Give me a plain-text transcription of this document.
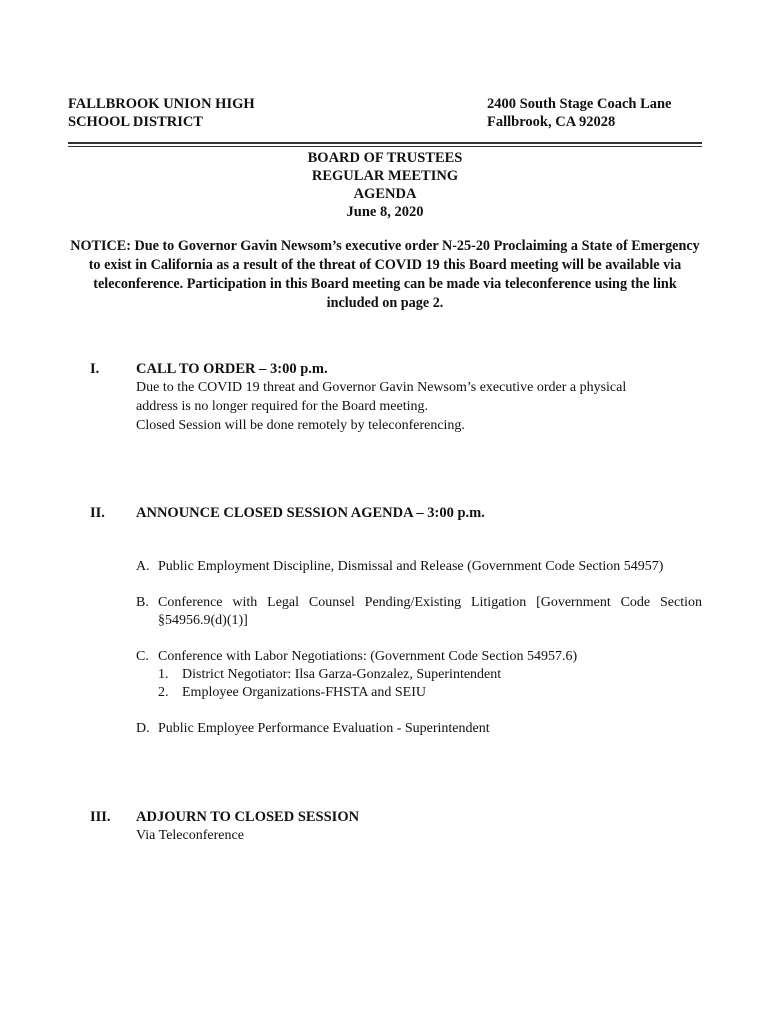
FALLBROOK UNION HIGH
SCHOOL DISTRICT
2400 South Stage Coach Lane
Fallbrook, CA 92028
BOARD OF TRUSTEES
REGULAR MEETING
AGENDA
June 8, 2020
NOTICE: Due to Governor Gavin Newsom’s executive order N-25-20 Proclaiming a State of Emergency to exist in California as a result of the threat of COVID 19 this Board meeting will be available via teleconference. Participation in this Board meeting can be made via teleconference using the link included on page 2.
I.	CALL TO ORDER – 3:00 p.m.
Due to the COVID 19 threat and Governor Gavin Newsom’s executive order a physical
address is no longer required for the Board meeting.
Closed Session will be done remotely by teleconferencing.
II. ANNOUNCE CLOSED SESSION AGENDA – 3:00 p.m.
A. Public Employment Discipline, Dismissal and Release (Government Code Section 54957)
B. Conference with Legal Counsel Pending/Existing Litigation [Government Code Section §54956.9(d)(1)]
C. Conference with Labor Negotiations: (Government Code Section 54957.6)
1. District Negotiator: Ilsa Garza-Gonzalez, Superintendent
2. Employee Organizations-FHSTA and SEIU
D. Public Employee Performance Evaluation - Superintendent
III. ADJOURN TO CLOSED SESSION
Via Teleconference
